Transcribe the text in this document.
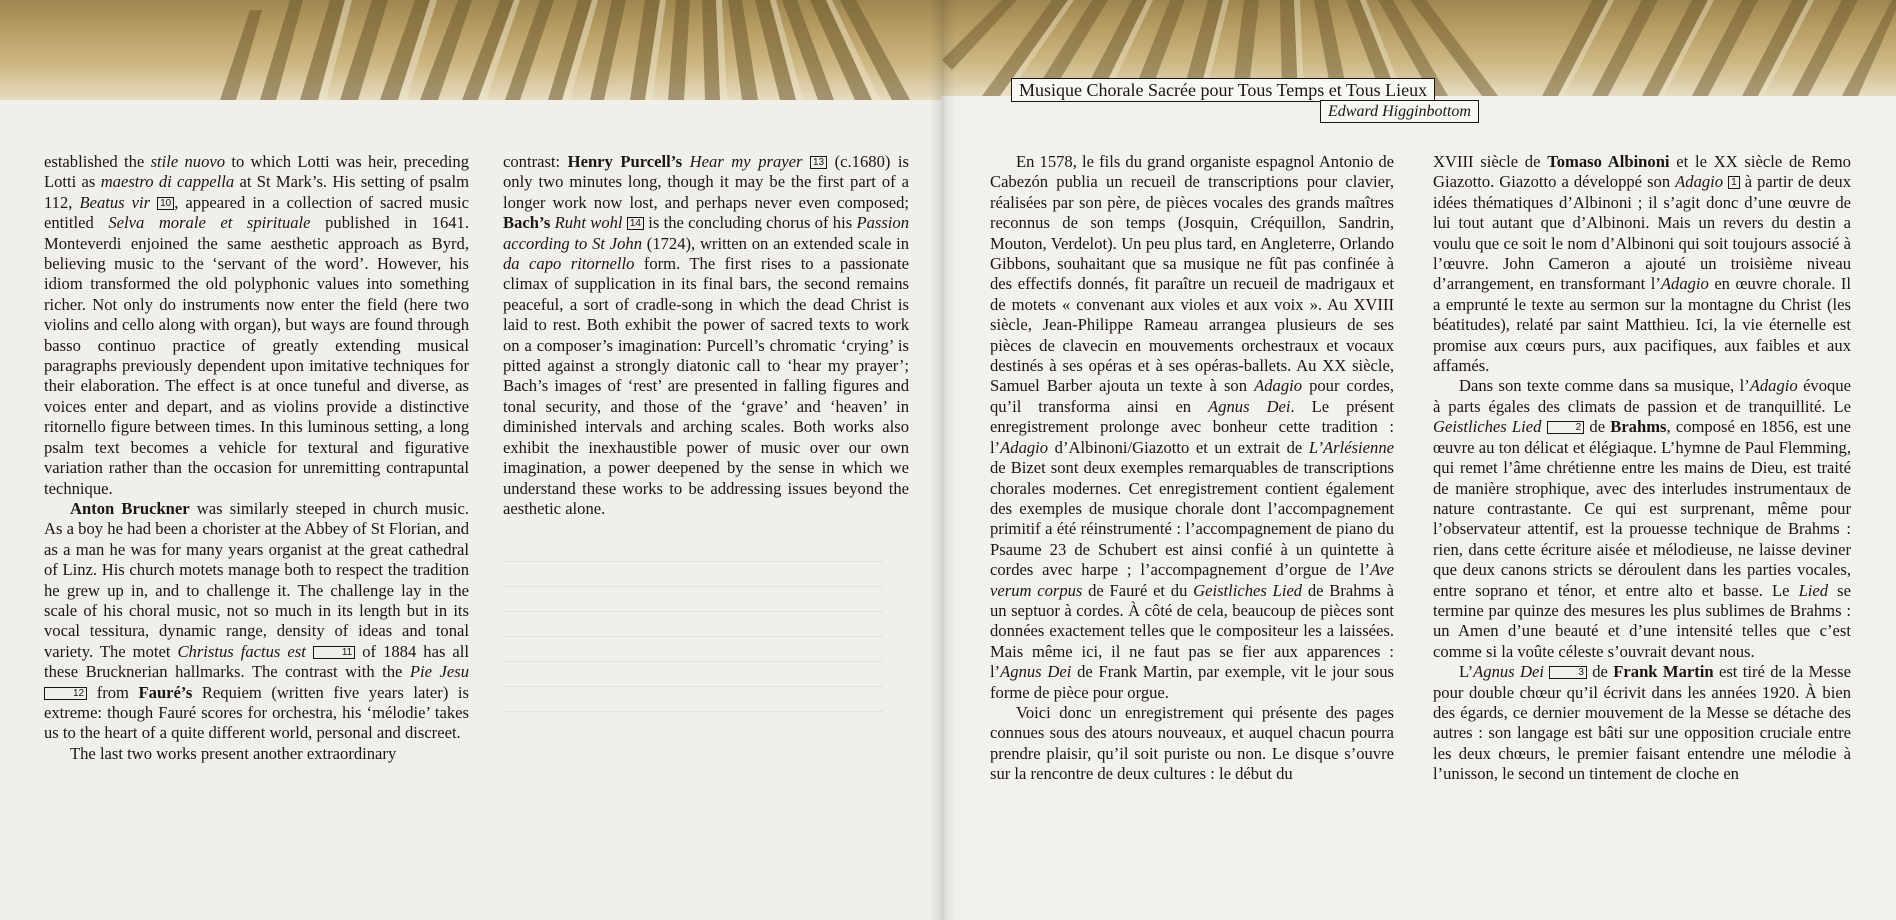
established the stile nuovo to which Lotti was heir, preceding Lotti as maestro di cappella at St Mark’s. His setting of psalm 112, Beatus vir 10 , appeared in a collection of sacred music entitled Selva morale et spirituale published in 1641. Monteverdi enjoined the same aesthetic approach as Byrd, believing music to the ‘servant of the word’. However, his idiom transformed the old polyphonic values into something richer. Not only do instruments now enter the field (here two violins and cello along with organ), but ways are found through basso continuo practice of greatly extending musical paragraphs previously dependent upon imitative techniques for their elaboration. The effect is at once tuneful and diverse, as voices enter and depart, and as violins provide a distinctive ritornello figure between times. In this luminous setting, a long psalm text becomes a vehicle for textural and figurative variation rather than the occasion for unremitting contrapuntal technique.

Anton Bruckner was similarly steeped in church music. As a boy he had been a chorister at the Abbey of St Florian, and as a man he was for many years organist at the great cathedral of Linz. His church motets manage both to respect the tradition he grew up in, and to challenge it. The challenge lay in the scale of his choral music, not so much in its length but in its vocal tessitura, dynamic range, density of ideas and tonal variety. The motet Christus factus est	11 of 1884 has all these Brucknerian hallmarks. The contrast with the Pie Jesu 12 from Fauré’s Requiem (written five years later) is extreme: though Fauré scores for orchestra, his ‘mélodie’ takes us to the heart of a quite different world, personal and discreet.

The last two works present another extraordinary

contrast: Henry Purcell’s Hear my prayer 13 (c.1680) is only two minutes long, though it may be the first part of a longer work now lost, and perhaps never even composed; Bach’s Ruht wohl 14 is the concluding chorus of his Passion according to St John (1724), written on an extended scale in da capo ritornello form. The first rises to a passionate climax of supplication in its final bars, the second remains peaceful, a sort of cradle-song in which the dead Christ is laid to rest. Both exhibit the power of sacred texts to work on a composer’s imagination: Purcell’s chromatic ‘crying’ is pitted against a strongly diatonic call to ‘hear my prayer’; Bach’s images of ‘rest’ are presented in falling figures and tonal security, and those of the ‘grave’ and ‘heaven’ in diminished intervals and arching scales. Both works also exhibit the inexhaustible power of music over our own imagination, a power deepened by the sense in which we understand these works to be addressing issues beyond the aesthetic alone.

Musique Chorale Sacrée pour Tous Temps et Tous Lieux
Edward Higginbottom

En 1578, le fils du grand organiste espagnol Antonio de Cabezón publia un recueil de transcriptions pour clavier, réalisées par son père, de pièces vocales des grands maîtres reconnus de son temps (Josquin, Créquillon, Sandrin, Mouton, Verdelot). Un peu plus tard, en Angleterre, Orlando Gibbons, souhaitant que sa musique ne fût pas confinée à des effectifs donnés, fit paraître un recueil de madrigaux et de motets « convenant aux violes et aux voix ». Au XVIII siècle, Jean-Philippe Rameau arrangea plusieurs de ses pièces de clavecin en mouvements orchestraux et vocaux destinés à ses opéras et à ses opéras-ballets. Au XX siècle, Samuel Barber ajouta un texte à son Adagio pour cordes, qu’il transforma ainsi en Agnus Dei. Le présent enregistrement prolonge avec bonheur cette tradition : l’Adagio d’Albinoni/Giazotto et un extrait de L’Arlésienne de Bizet sont deux exemples remarquables de transcriptions chorales modernes. Cet enregistrement contient également des exemples de musique chorale dont l’accompagnement primitif a été réinstrumenté : l’accompagnement de piano du Psaume 23 de Schubert est ainsi confié à un quintette à cordes avec harpe ; l’accompagnement d’orgue de l’Ave verum corpus de Fauré et du Geistliches Lied de Brahms à un septuor à cordes. À côté de cela, beaucoup de pièces sont données exactement telles que le compositeur les a laissées. Mais même ici, il ne faut pas se fier aux apparences : l’Agnus Dei de Frank Martin, par exemple, vit le jour sous forme de pièce pour orgue.

Voici donc un enregistrement qui présente des pages connues sous des atours nouveaux, et auquel chacun pourra prendre plaisir, qu’il soit puriste ou non. Le disque s’ouvre sur la rencontre de deux cultures : le début du

XVIII siècle de Tomaso Albinoni et le XX siècle de Remo Giazotto. Giazotto a développé son Adagio 1 à partir de deux idées thématiques d’Albinoni ; il s’agit donc d’une œuvre de lui tout autant que d’Albinoni. Mais un revers du destin a voulu que ce soit le nom d’Albinoni qui soit toujours associé à l’œuvre. John Cameron a ajouté un troisième niveau d’arrangement, en transformant l’Adagio en œuvre chorale. Il a emprunté le texte au sermon sur la montagne du Christ (les béatitudes), relaté par saint Matthieu. Ici, la vie éternelle est promise aux cœurs purs, aux pacifiques, aux faibles et aux affamés.

Dans son texte comme dans sa musique, l’Adagio évoque à parts égales des climats de passion et de tranquillité. Le Geistliches Lied	2 de Brahms, composé en 1856, est une œuvre au ton délicat et élégiaque. L’hymne de Paul Flemming, qui remet l’âme chrétienne entre les mains de Dieu, est traité de manière strophique, avec des interludes instrumentaux de nature contrastante. Ce qui est surprenant, même pour l’observateur attentif, est la prouesse technique de Brahms : rien, dans cette écriture aisée et mélodieuse, ne laisse deviner que deux canons stricts se déroulent dans les parties vocales, entre soprano et ténor, et entre alto et basse. Le Lied se termine par quinze des mesures les plus sublimes de Brahms : un Amen d’une beauté et d’une intensité telles que c’est comme si la voûte céleste s’ouvrait devant nous.

L’Agnus Dei	3 de Frank Martin est tiré de la Messe pour double chœur qu’il écrivit dans les années 1920. À bien des égards, ce dernier mouvement de la Messe se détache des autres : son langage est bâti sur une opposition cruciale entre les deux chœurs, le premier faisant entendre une mélodie à l’unisson, le second un tintement de cloche en
